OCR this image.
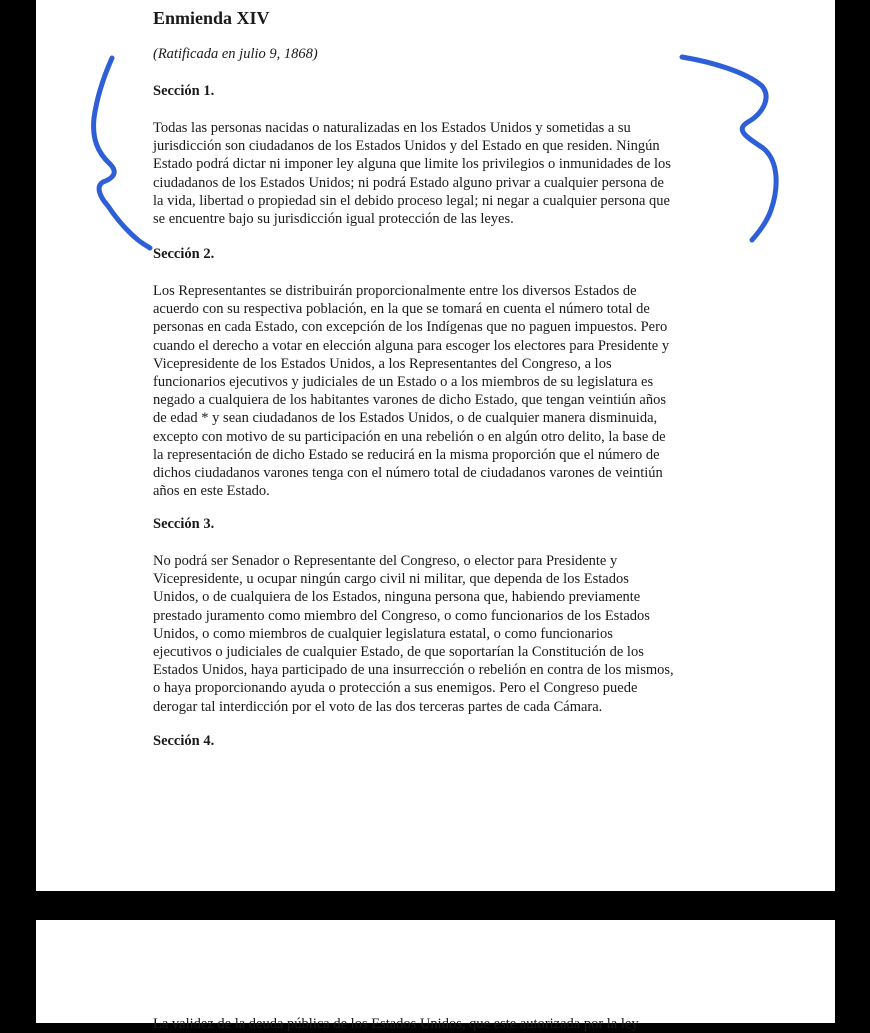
Enmienda XIV

(Ratificada en julio 9, 1868)

Sección 1.

Todas las personas nacidas o naturalizadas en los Estados Unidos y sometidas a su
jurisdicción son ciudadanos de los Estados Unidos y del Estado en que residen. Ningún
Estado podrá dictar ni imponer ley alguna que limite los privilegios o inmunidades de los
ciudadanos de los Estados Unidos; ni podrá Estado alguno privar a cualquier persona de
la vida, libertad o propiedad sin el debido proceso legal; ni negar a cualquier persona que
se encuentre bajo su jurisdicción igual protección de las leyes.

Sección 2.

Los Representantes se distribuirán proporcionalmente entre los diversos Estados de
acuerdo con su respectiva población, en la que se tomará en cuenta el número total de
personas en cada Estado, con excepción de los Indígenas que no paguen impuestos. Pero
cuando el derecho a votar en elección alguna para escoger los electores para Presidente y
Vicepresidente de los Estados Unidos, a los Representantes del Congreso, a los
funcionarios ejecutivos y judiciales de un Estado o a los miembros de su legislatura es
negado a cualquiera de los habitantes varones de dicho Estado, que tengan veintiún años
de edad * y sean ciudadanos de los Estados Unidos, o de cualquier manera disminuida,
excepto con motivo de su participación en una rebelión o en algún otro delito, la base de
la representación de dicho Estado se reducirá en la misma proporción que el número de
dichos ciudadanos varones tenga con el número total de ciudadanos varones de veintiún
años en este Estado.

Sección 3.

No podrá ser Senador o Representante del Congreso, o elector para Presidente y
Vicepresidente, u ocupar ningún cargo civil ni militar, que dependa de los Estados
Unidos, o de cualquiera de los Estados, ninguna persona que, habiendo previamente
prestado juramento como miembro del Congreso, o como funcionarios de los Estados
Unidos, o como miembros de cualquier legislatura estatal, o como funcionarios
ejecutivos o judiciales de cualquier Estado, de que soportarían la Constitución de los
Estados Unidos, haya participado de una insurrección o rebelión en contra de los mismos,
o haya proporcionando ayuda o protección a sus enemigos. Pero el Congreso puede
derogar tal interdicción por el voto de las dos terceras partes de cada Cámara.

Sección 4.

La validez de la deuda pública de los Estados Unidos, que este autorizada por la ley
